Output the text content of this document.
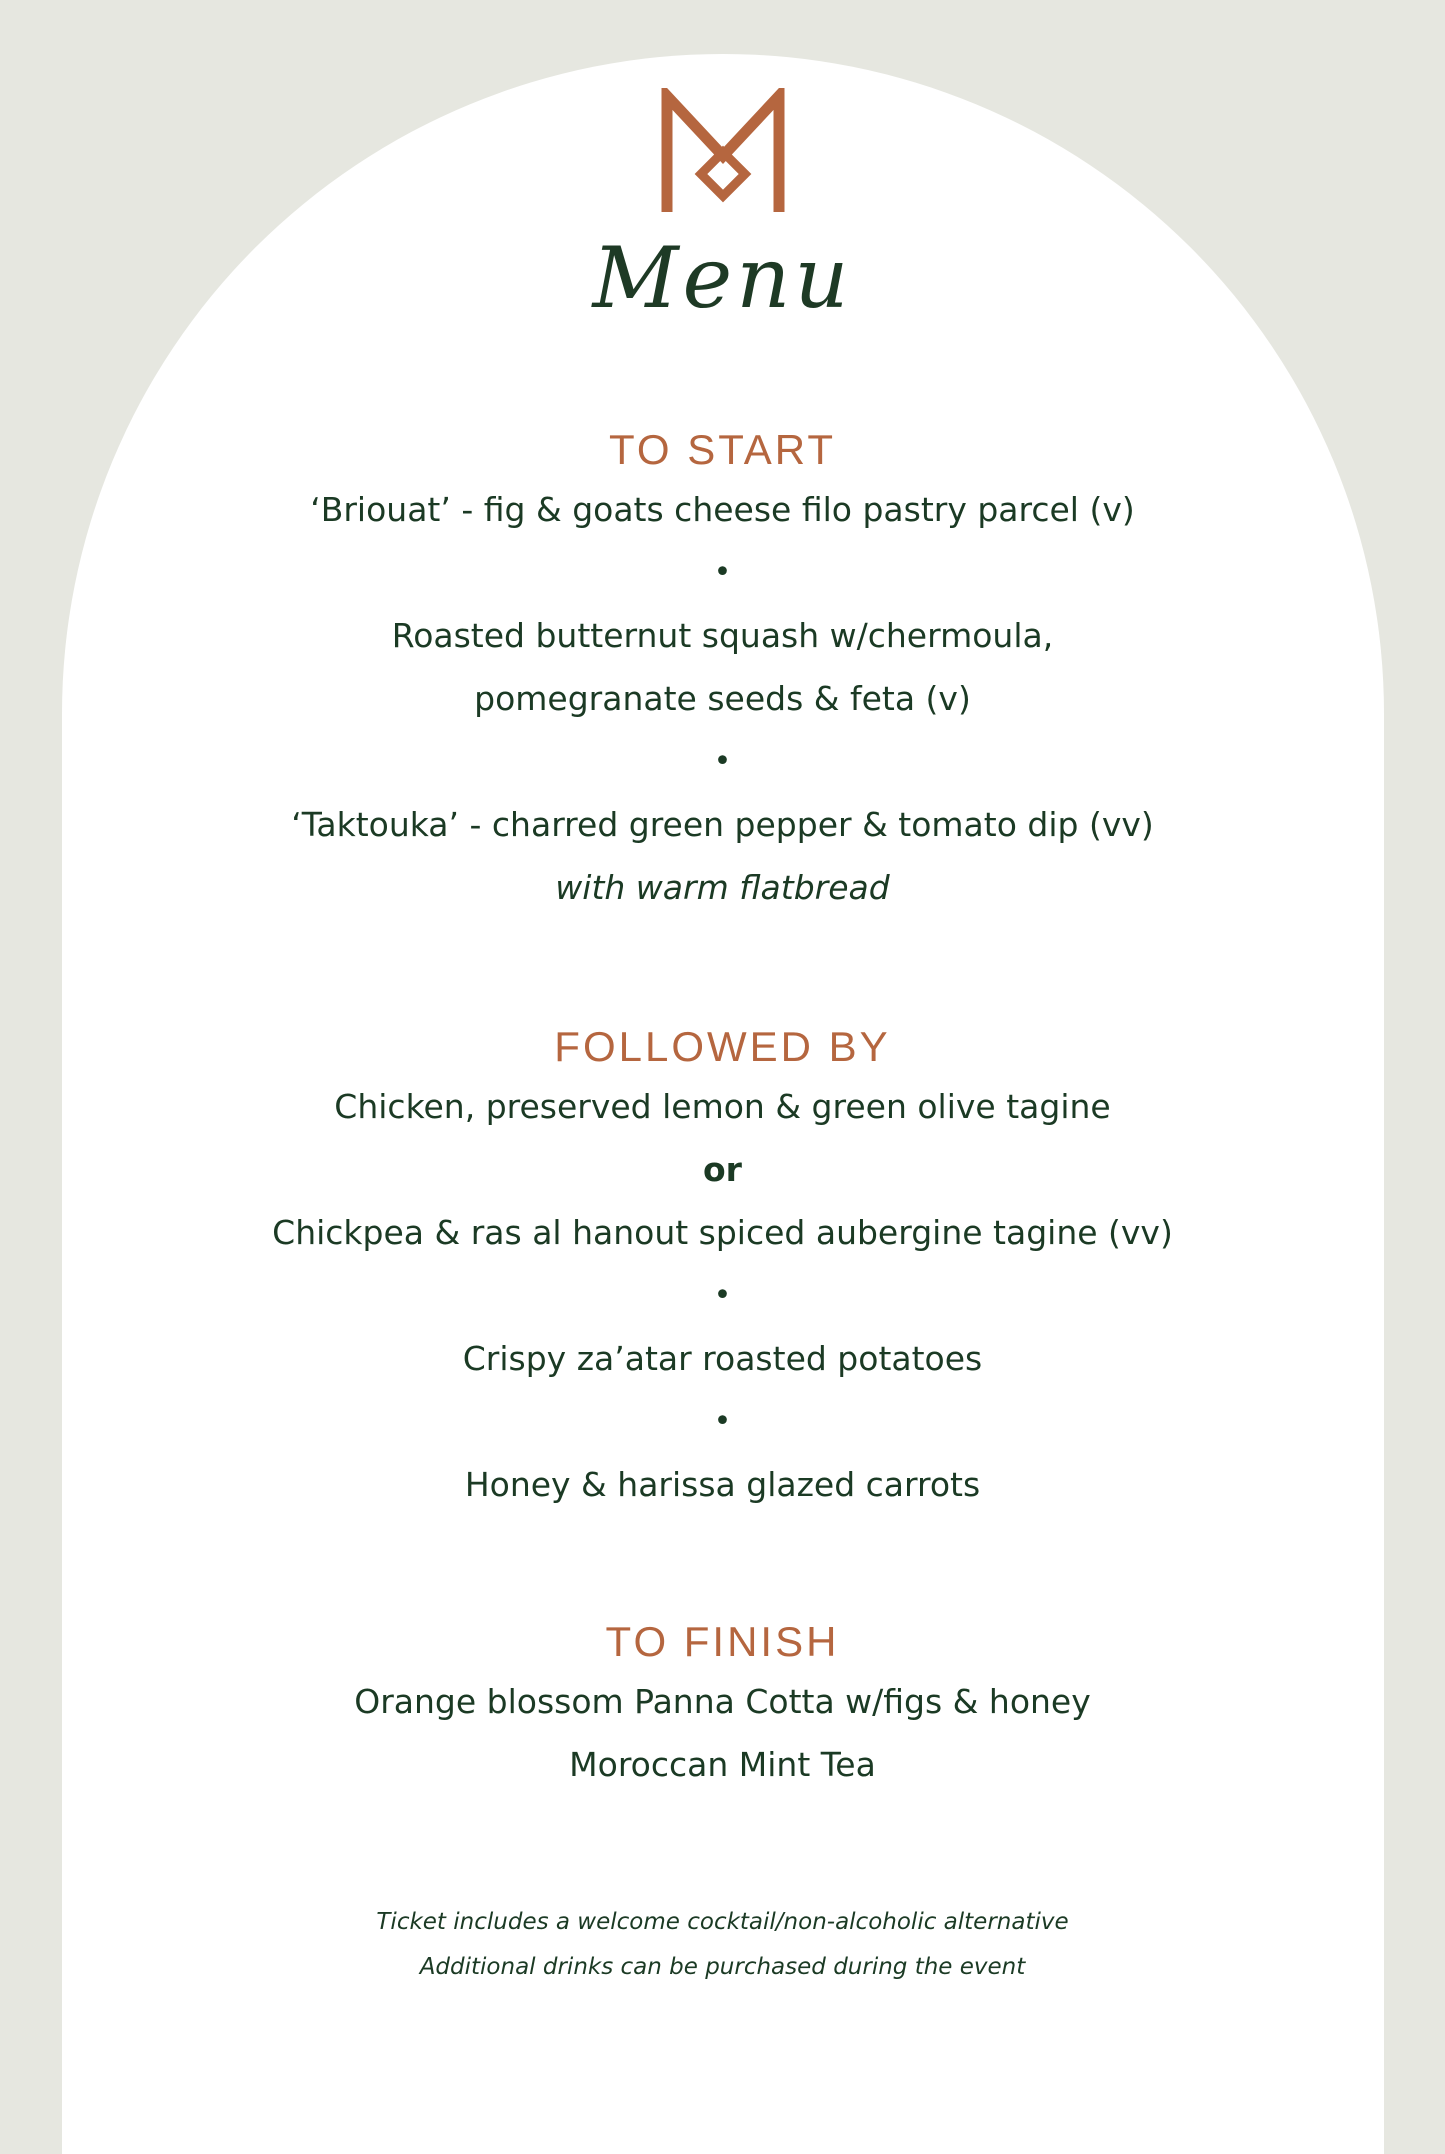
Menu
TO START
‘Briouat’ - fig & goats cheese filo pastry parcel (v)
•
Roasted butternut squash w/chermoula,
pomegranate seeds & feta (v)
•
‘Taktouka’ - charred green pepper & tomato dip (vv)
with warm flatbread
FOLLOWED BY
Chicken, preserved lemon & green olive tagine
or
Chickpea & ras al hanout spiced aubergine tagine (vv)
•
Crispy za’atar roasted potatoes
•
Honey & harissa glazed carrots
TO FINISH
Orange blossom Panna Cotta w/figs & honey
Moroccan Mint Tea
Ticket includes a welcome cocktail/non-alcoholic alternative
Additional drinks can be purchased during the event
